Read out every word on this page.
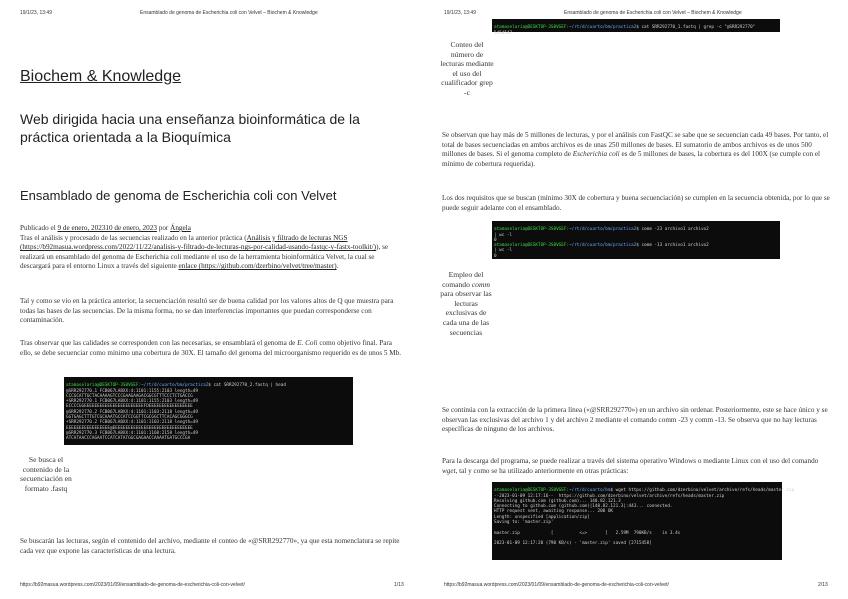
19/1/23, 13:49	Ensamblado de genoma de Escherichia coli con Velvet – Biochem & Knowledge
Biochem & Knowledge
Web dirigida hacia una enseñanza bioinformática de la práctica orientada a la Bioquímica
Ensamblado de genoma de Escherichia coli con Velvet

Publicado el 9 de enero, 202310 de enero, 2023 por Ángela
Tras el análisis y procesado de las secuencias realizado en la anterior práctica (Análisis y filtrado de lecturas NGS (https://b92masua.wordpress.com/2022/11/22/analisis-y-filtrado-de-lecturas-ngs-por-calidad-usando-fastqc-y-fastx-toolkit/)), se realizará un ensamblado del genoma de Escherichia coli mediante el uso de la herramienta bioinformática Velvet, la cual se descargará para el entorno Linux a través del siguiente enlace (https://github.com/dzerbino/velvet/tree/master).

Tal y como se vio en la práctica anterior, la secuenciación resultó ser de buena calidad por los valores altos de Q que muestra para todas las bases de las secuencias. De la misma forma, no se dan interferencias importantes que puedan corresponderse con contaminación.

Tras observar que las calidades se corresponden con las necesarias, se ensamblará el genoma de E. Coli como objetivo final. Para ello, se debe secuenciar como mínimo una cobertura de 30X. El tamaño del genoma del microorganismo requerido es de unos 5 Mb.

atamaselaria@DESKTOP-3S0VGEF:~/rt/d/cuarto/bm/practica2$ cat SRR292770_2.fastq | head
@SRR292770.1 FCB067LABXX:4:1101:1155:2103 length=49
CCCGCATTGCTACAAAAGTCCCGAAGAAGACGGCGTTTCCCTCTGACCG
+SRR292770.1 FCB067LABXX:4:1101:1155:2103 length=49
ECCCCGGEEEEEEEEEEEEEEEEEEEEEEEFDEEEEEEEEEEEEEEEEE
@SRR292770.2 FCB067LABXX:4:1101:1103:2118 length=49
GGTGAGCTTTGTCGCAAATGCCATCCGGTTCGCGGCTTCACAGCGGGCG
+SRR292770.2 FCB067LABXX:4:1101:1103:2118 length=49
EEEEEEEEEEEEEEEEE@EEEEEEEEEEEEEEEEEEEEEEEEEEEEEEE
@SRR292770.3 FCB067LABXX:4:1101:1168:2158 length=49
ATCATAACCCAGAATCCATCATATGGCGAGAACCAAAATGATGCCCGA
Se busca el contenido de la secuenciación en formato .fastq

Se buscarán las lecturas, según el contenido del archivo, mediante el conteo de «@SRR292770», ya que esta nomenclatura se repite cada vez que expone las características de una lectura.

https://b92masua.wordpress.com/2023/01/09/ensamblado-de-genoma-de-escherichia-coli-con-velvet/	1/13
19/1/23, 13:49	Ensamblado de genoma de Escherichia coli con Velvet – Biochem & Knowledge

atamaselaria@DESKTOP-3S0VGEF:~/rt/d/cuarto/bm/practica2$ cat SRR292770_1.fastq | grep -c "@SRR292770"
5454547
Conteo del número de lecturas mediante el uso del cualificador grep -c

Se observan que hay más de 5 millones de lecturas, y por el análisis con FastQC se sabe que se secuencian cada 49 bases. Por tanto, el total de bases secuenciadas en ambos archivos es de unas 250 millones de bases. El sumatorio de ambos archivos es de unos 500 millones de bases. Si el genoma completo de Escherichia coli es de 5 millones de bases, la cobertura es del 100X (se cumple con el mínimo de cobertura requerida).

Los dos requisitos que se buscan (mínimo 30X de cobertura y buena secuenciación) se cumplen en la secuencia obtenida, por lo que se puede seguir adelante con el ensamblado.

atamaselaria@DESKTOP-3S0VGEF:~/rt/d/cuarto/bm/practica2$ comm -23 archivo1 archivo2
| wc -l
0
atamaselaria@DESKTOP-3S0VGEF:~/rt/d/cuarto/bm/practica2$ comm -13 archivo1 archivo2
| wc -l
0
Empleo del comando comm para observar las lecturas exclusivas de cada una de las secuencias

Se continúa con la extracción de la primera línea («@SRR292770») en un archivo sin ordenar. Posteriormente, este se hace único y se observan las exclusivas del archivo 1 y del archivo 2 mediante el comando comm -23 y comm -13. Se observa que no hay lecturas específicas de ninguno de los archivos.

Para la descarga del programa, se puede realizar a través del sistema operativo Windows o mediante Linux con el uso del comando wget, tal y como se ha utilizado anteriormente en otras prácticas:

atamaselaria@DESKTOP-3S0VGEF:~/rt/d/cuarto/bm$ wget https://github.com/dzerbino/velvet/archive/refs/heads/master.zip
--2023-01-09 12:17:16--  https://github.com/dzerbino/velvet/archive/refs/heads/master.zip
Resolving github.com (github.com)... 140.82.121.3
Connecting to github.com (github.com)|140.82.121.3|:443... connected.
HTTP request sent, awaiting response... 200 OK
Length: unspecified [application/zip]
Saving to: 'master.zip'

master.zip            [          <=>       ]   2.59M  790KB/s    in 3.4s

2023-01-09 12:17:20 (790 KB/s) - 'master.zip' saved [2715458]
https://b92masua.wordpress.com/2023/01/09/ensamblado-de-genoma-de-escherichia-coli-con-velvet/	2/13
